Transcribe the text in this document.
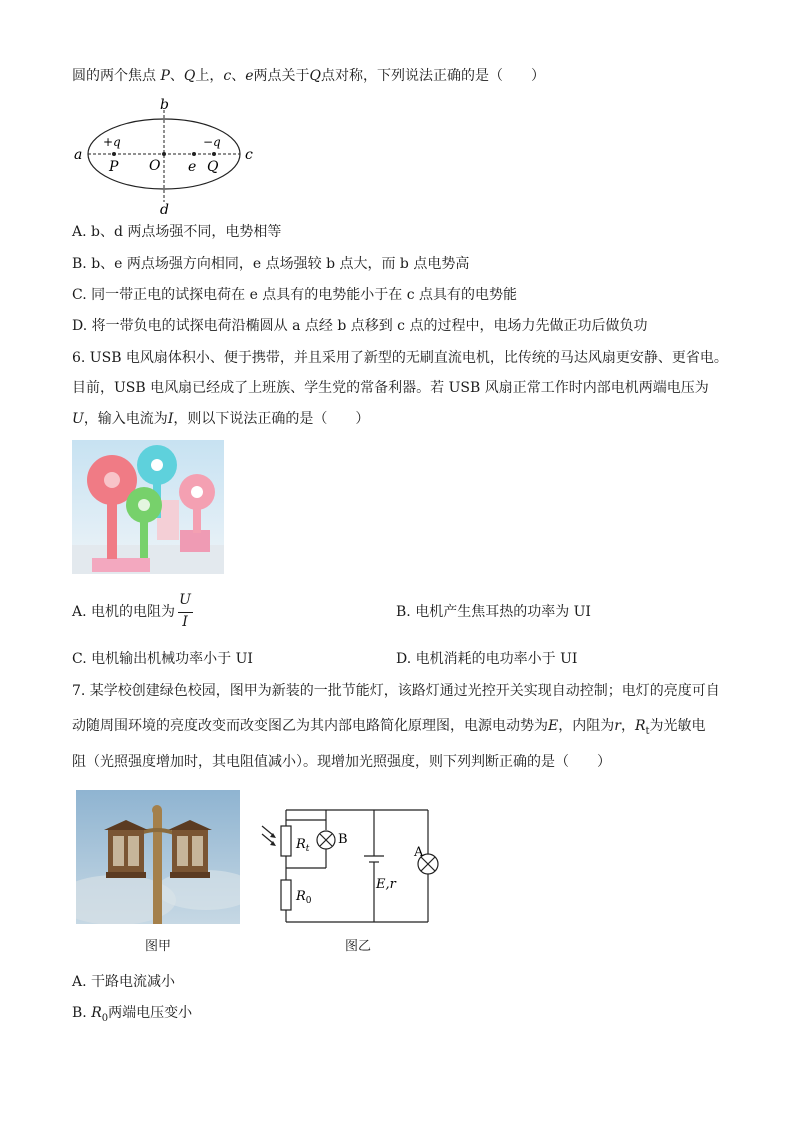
圆的两个焦点 P、Q上，c、e两点关于Q点对称，下列说法正确的是（　　）
a	c
b
d
+q	−q
P O e Q
A. b、d 两点场强不同，电势相等
B. b、e 两点场强方向相同，e 点场强较 b 点大，而 b 点电势高
C. 同一带正电的试探电荷在 e 点具有的电势能小于在 c 点具有的电势能
D. 将一带负电的试探电荷沿椭圆从 a 点经 b 点移到 c 点的过程中，电场力先做正功后做负功
6. USB 电风扇体积小、便于携带，并且采用了新型的无刷直流电机，比传统的马达风扇更安静、更省电。
目前，USB 电风扇已经成了上班族、学生党的常备利器。若 USB 风扇正常工作时内部电机两端电压为
U，输入电流为I，则以下说法正确的是（　　）
A. 电机的电阻为
U
I
B. 电机产生焦耳热的功率为 UI
C. 电机输出机械功率小于 UI	D. 电机消耗的电功率小于 UI
7. 某学校创建绿色校园，图甲为新装的一批节能灯，该路灯通过光控开关实现自动控制；电灯的亮度可自
动随周围环境的亮度改变而改变图乙为其内部电路简化原理图，电源电动势为E，内阻为r，$R_t$为光敏电
阻（光照强度增加时，其电阻值减小）。现增加光照强度，则下列判断正确的是（　　）
图甲
$R_t$
B
A
E,r
$R_0$
图乙
A. 干路电流减小
B. $R_0$两端电压变小
